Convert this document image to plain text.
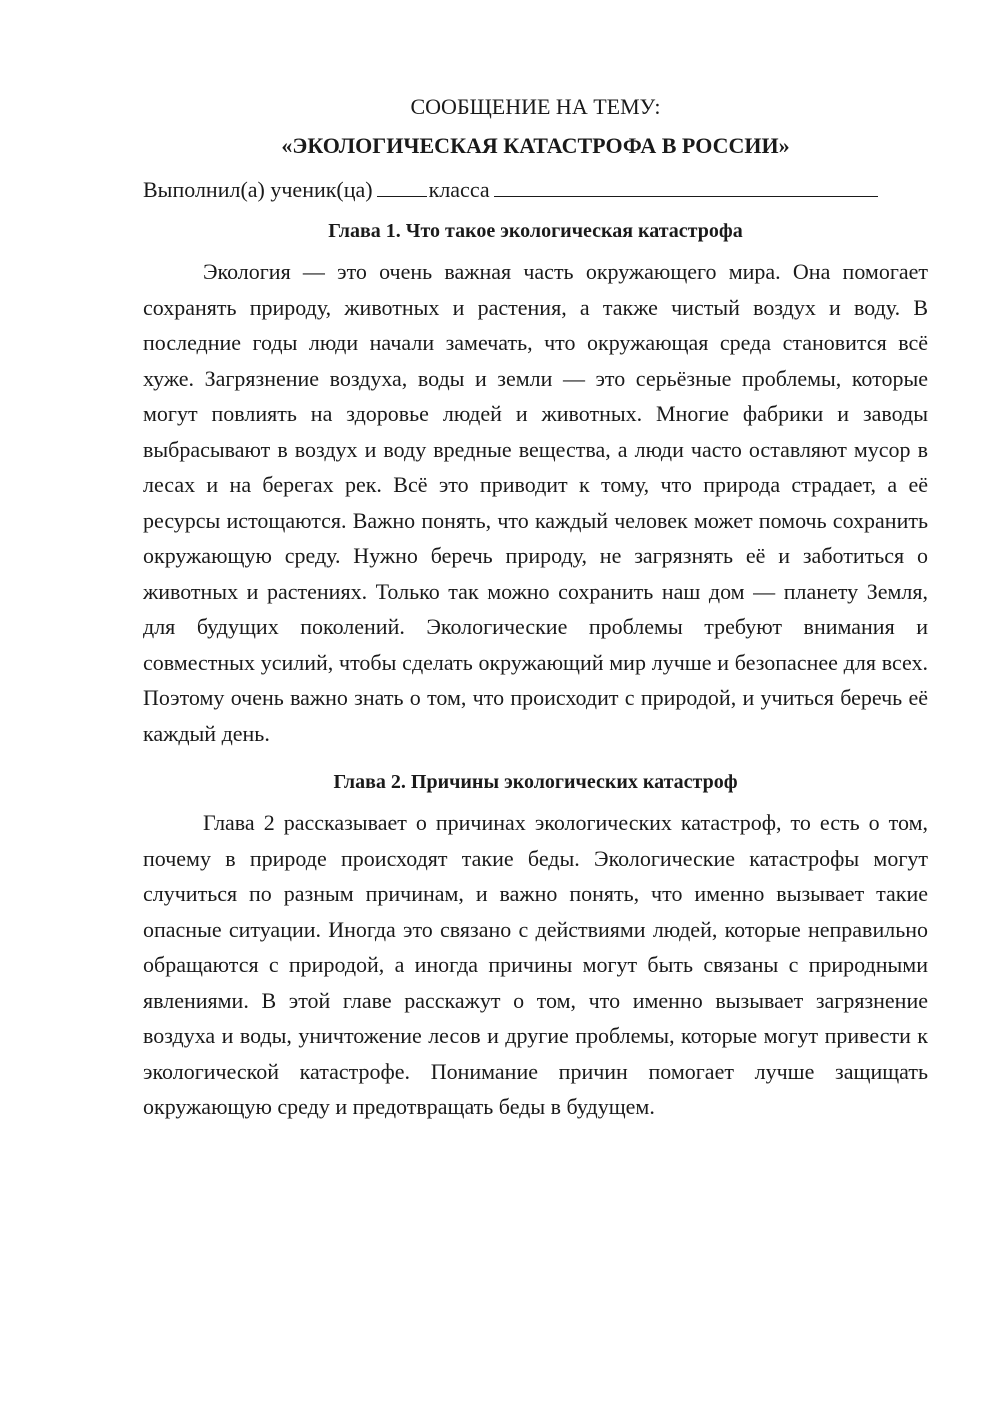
СООБЩЕНИЕ НА ТЕМУ:

«ЭКОЛОГИЧЕСКАЯ КАТАСТРОФА В РОССИИ»

Выполнил(а) ученик(ца)	класса

Глава 1. Что такое экологическая катастрофа

Экология — это очень важная часть окружающего мира. Она помогает сохранять природу, животных и растения, а также чистый воздух и воду. В последние годы люди начали замечать, что окружающая среда становится всё хуже. Загрязнение воздуха, воды и земли — это серьёзные проблемы, которые могут повлиять на здоровье людей и животных. Многие фабрики и заводы выбрасывают в воздух и воду вредные вещества, а люди часто оставляют мусор в лесах и на берегах рек. Всё это приводит к тому, что природа страдает, а её ресурсы истощаются. Важно понять, что каждый человек может помочь сохранить окружающую среду. Нужно беречь природу, не загрязнять её и заботиться о животных и растениях. Только так можно сохранить наш дом — планету Земля, для будущих поколений. Экологические проблемы требуют внимания и совместных усилий, чтобы сделать окружающий мир лучше и безопаснее для всех. Поэтому очень важно знать о том, что происходит с природой, и учиться беречь её каждый день.

Глава 2. Причины экологических катастроф

Глава 2 рассказывает о причинах экологических катастроф, то есть о том, почему в природе происходят такие беды. Экологические катастрофы могут случиться по разным причинам, и важно понять, что именно вызывает такие опасные ситуации. Иногда это связано с действиями людей, которые неправильно обращаются с природой, а иногда причины могут быть связаны с природными явлениями. В этой главе расскажут о том, что именно вызывает загрязнение воздуха и воды, уничтожение лесов и другие проблемы, которые могут привести к экологической катастрофе. Понимание причин помогает лучше защищать окружающую среду и предотвращать беды в будущем.
